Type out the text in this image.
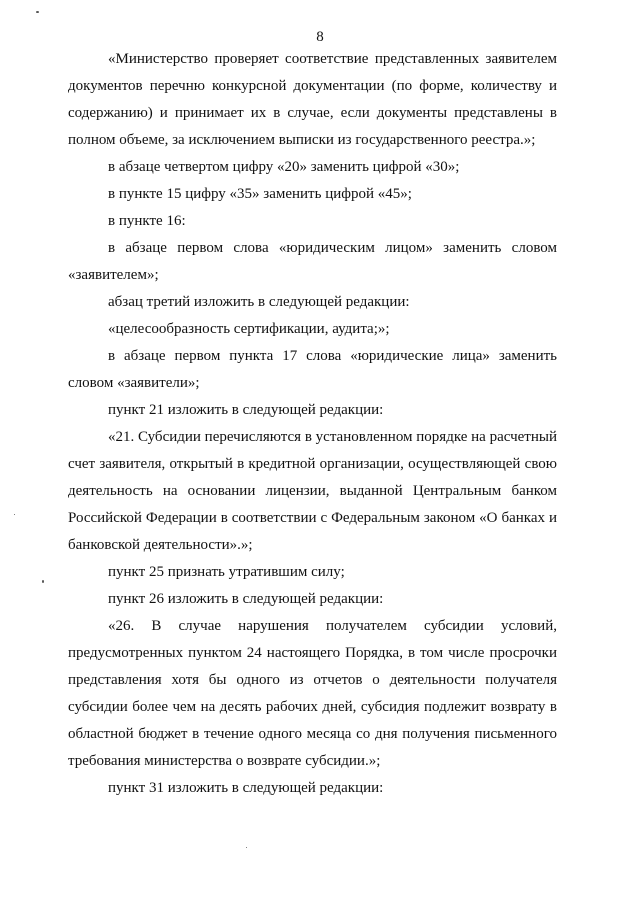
8

«Министерство проверяет соответствие представленных заявителем документов перечню конкурсной документации (по форме, количеству и содержанию) и принимает их в случае, если документы представлены в полном объеме, за исключением выписки из государственного реестра.»;

в абзаце четвертом цифру «20» заменить цифрой «30»;

в пункте 15 цифру «35» заменить цифрой «45»;

в пункте 16:

в абзаце первом слова «юридическим лицом» заменить словом «заявителем»;

абзац третий изложить в следующей редакции:

«целесообразность сертификации, аудита;»;

в абзаце первом пункта 17 слова «юридические лица» заменить словом «заявители»;

пункт 21 изложить в следующей редакции:

«21. Субсидии перечисляются в установленном порядке на расчетный счет заявителя, открытый в кредитной организации, осуществляющей свою деятельность на основании лицензии, выданной Центральным банком Российской Федерации в соответствии с Федеральным законом «О банках и банковской деятельности».»;

пункт 25 признать утратившим силу;

пункт 26 изложить в следующей редакции:

«26. В случае нарушения получателем субсидии условий, предусмотренных пунктом 24 настоящего Порядка, в том числе просрочки представления хотя бы одного из отчетов о деятельности получателя субсидии более чем на десять рабочих дней, субсидия подлежит возврату в областной бюджет в течение одного месяца со дня получения письменного требования министерства о возврате субсидии.»;

пункт 31 изложить в следующей редакции:
